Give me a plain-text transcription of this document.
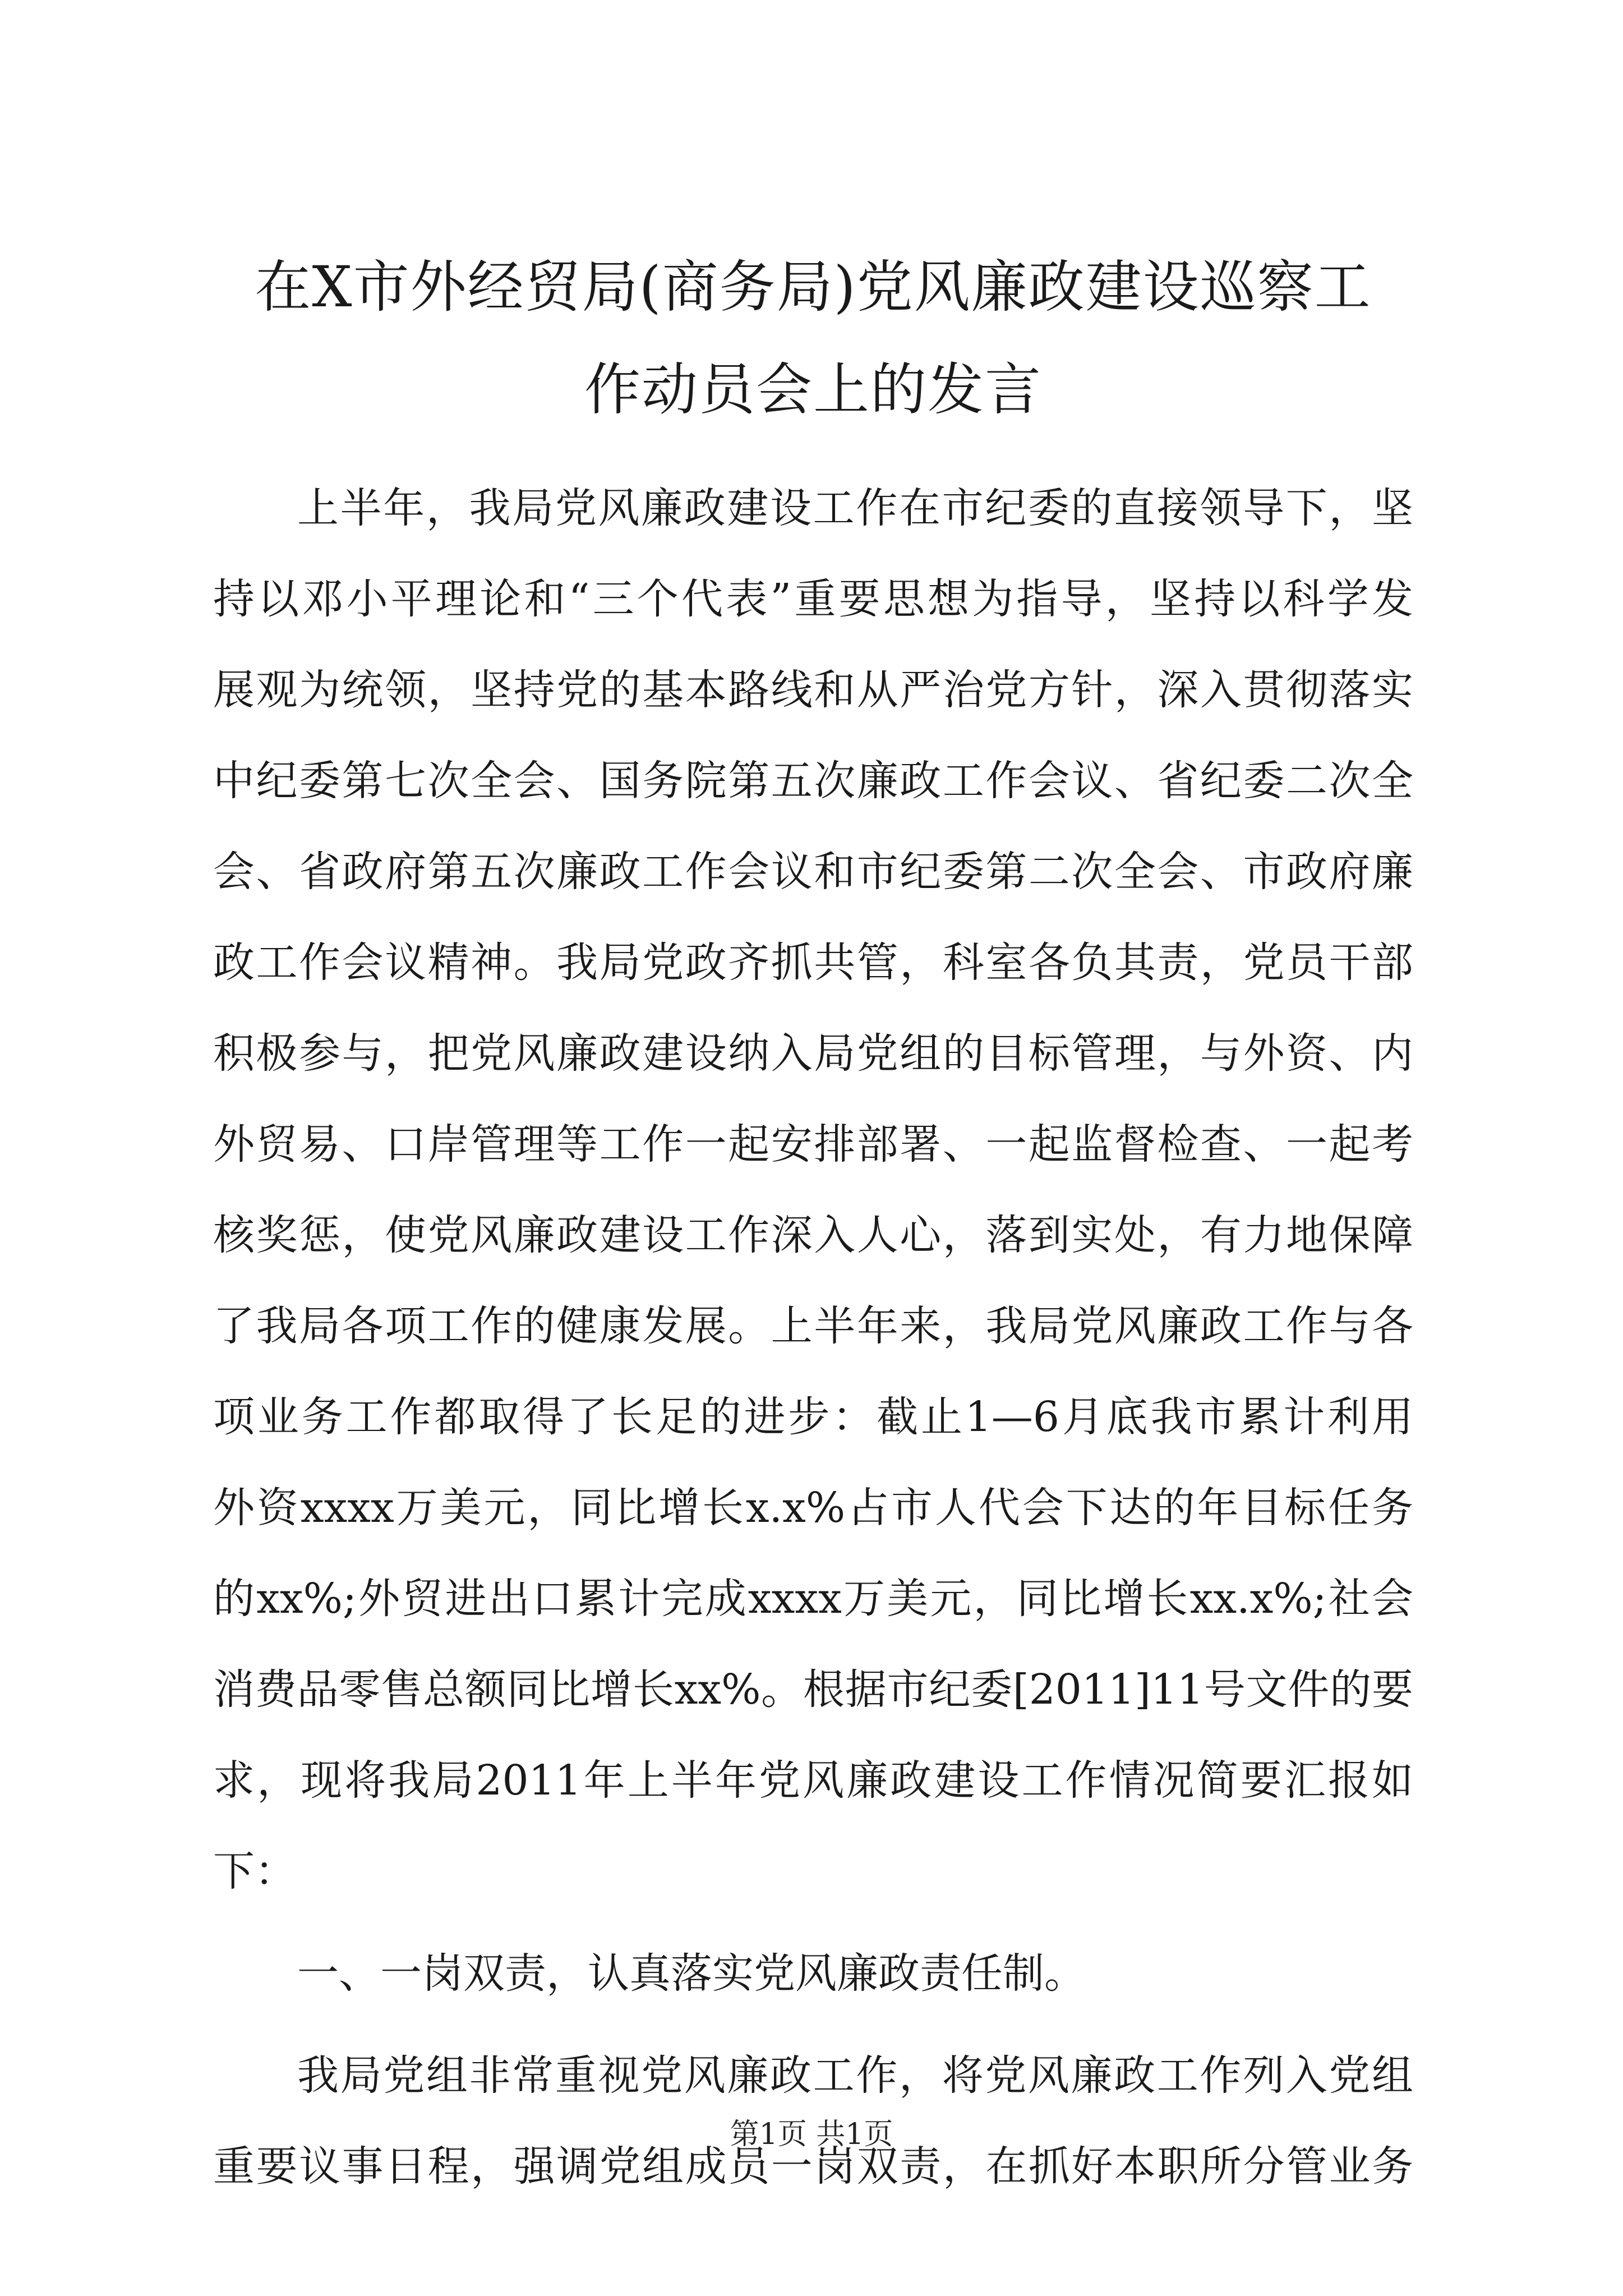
在X市外经贸局(商务局)党风廉政建设巡察工
作动员会上的发言
上半年，我局党风廉政建设工作在市纪委的直接领导下，坚
持以邓小平理论和“三个代表”重要思想为指导，坚持以科学发
展观为统领，坚持党的基本路线和从严治党方针，深入贯彻落实
中纪委第七次全会、国务院第五次廉政工作会议、省纪委二次全
会、省政府第五次廉政工作会议和市纪委第二次全会、市政府廉
政工作会议精神。我局党政齐抓共管，科室各负其责，党员干部
积极参与，把党风廉政建设纳入局党组的目标管理，与外资、内
外贸易、口岸管理等工作一起安排部署、一起监督检查、一起考
核奖惩，使党风廉政建设工作深入人心，落到实处，有力地保障
了我局各项工作的健康发展。上半年来，我局党风廉政工作与各
项业务工作都取得了长足的进步：截止1—6月底我市累计利用
外资xxxx万美元，同比增长x.x%占市人代会下达的年目标任务
的xx%;外贸进出口累计完成xxxx万美元，同比增长xx.x%;社会
消费品零售总额同比增长xx%。根据市纪委[2011]11号文件的要
求，现将我局2011年上半年党风廉政建设工作情况简要汇报如
下：
一、一岗双责，认真落实党风廉政责任制。
我局党组非常重视党风廉政工作，将党风廉政工作列入党组
重要议事日程，强调党组成员一岗双责，在抓好本职所分管业务
第1页 共1页
